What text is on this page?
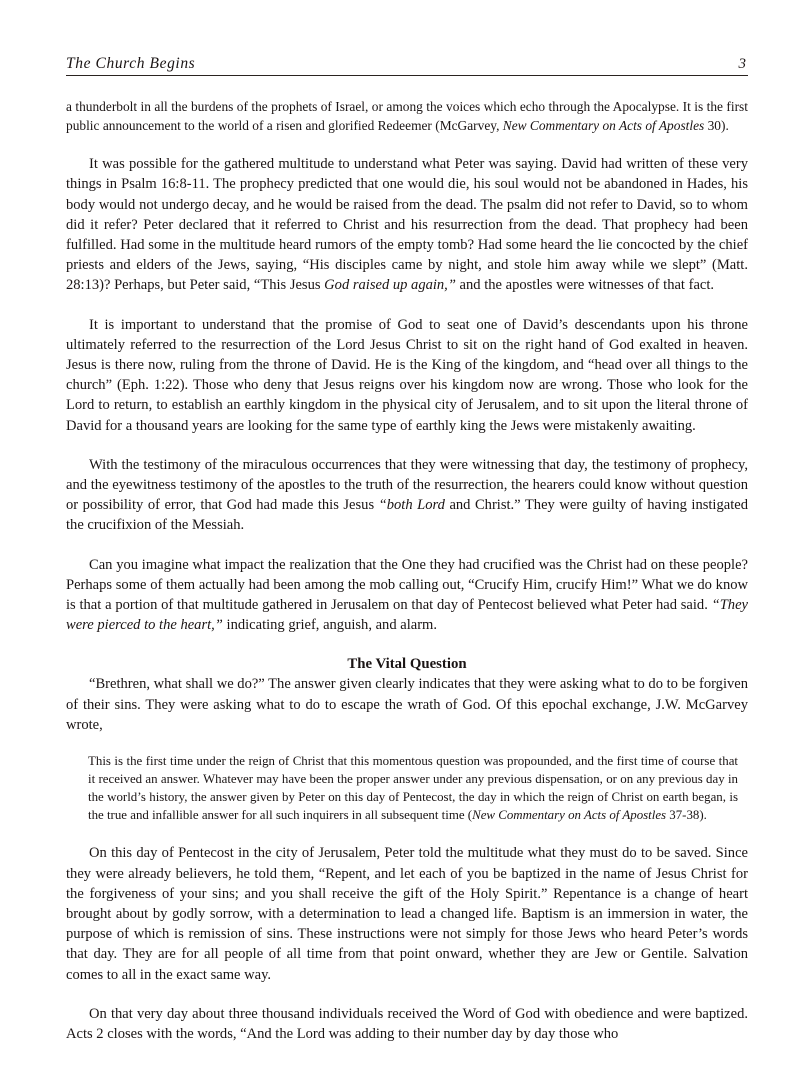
The Church Begins	3

a thunderbolt in all the burdens of the prophets of Israel, or among the voices which echo through the Apocalypse. It is the first public announcement to the world of a risen and glorified Redeemer (McGarvey, New Commentary on Acts of Apostles 30).

It was possible for the gathered multitude to understand what Peter was saying. David had written of these very things in Psalm 16:8-11. The prophecy predicted that one would die, his soul would not be abandoned in Hades, his body would not undergo decay, and he would be raised from the dead. The psalm did not refer to David, so to whom did it refer? Peter declared that it referred to Christ and his resurrection from the dead. That prophecy had been fulfilled. Had some in the multitude heard rumors of the empty tomb? Had some heard the lie concocted by the chief priests and elders of the Jews, saying, “His disciples came by night, and stole him away while we slept” (Matt. 28:13)? Perhaps, but Peter said, “This Jesus God raised up again,” and the apostles were witnesses of that fact.

It is important to understand that the promise of God to seat one of David’s descendants upon his throne ultimately referred to the resurrection of the Lord Jesus Christ to sit on the right hand of God exalted in heaven. Jesus is there now, ruling from the throne of David. He is the King of the kingdom, and “head over all things to the church” (Eph. 1:22). Those who deny that Jesus reigns over his kingdom now are wrong. Those who look for the Lord to return, to establish an earthly kingdom in the physical city of Jerusalem, and to sit upon the literal throne of David for a thousand years are looking for the same type of earthly king the Jews were mistakenly awaiting.

With the testimony of the miraculous occurrences that they were witnessing that day, the testimony of prophecy, and the eyewitness testimony of the apostles to the truth of the resurrection, the hearers could know without question or possibility of error, that God had made this Jesus “both Lord and Christ.” They were guilty of having instigated the crucifixion of the Messiah.

Can you imagine what impact the realization that the One they had crucified was the Christ had on these people? Perhaps some of them actually had been among the mob calling out, “Crucify Him, crucify Him!” What we do know is that a portion of that multitude gathered in Jerusalem on that day of Pentecost believed what Peter had said. “They were pierced to the heart,” indicating grief, anguish, and alarm.

The Vital Question

“Brethren, what shall we do?” The answer given clearly indicates that they were asking what to do to be forgiven of their sins. They were asking what to do to escape the wrath of God. Of this epochal exchange, J.W. McGarvey wrote,

This is the first time under the reign of Christ that this momentous question was propounded, and the first time of course that it received an answer. Whatever may have been the proper answer under any previous dispensation, or on any previous day in the world’s history, the answer given by Peter on this day of Pentecost, the day in which the reign of Christ on earth began, is the true and infallible answer for all such inquirers in all subsequent time (New Commentary on Acts of Apostles 37-38).

On this day of Pentecost in the city of Jerusalem, Peter told the multitude what they must do to be saved. Since they were already believers, he told them, “Repent, and let each of you be baptized in the name of Jesus Christ for the forgiveness of your sins; and you shall receive the gift of the Holy Spirit.” Repentance is a change of heart brought about by godly sorrow, with a determination to lead a changed life. Baptism is an immersion in water, the purpose of which is remission of sins. These instructions were not simply for those Jews who heard Peter’s words that day. They are for all people of all time from that point onward, whether they are Jew or Gentile. Salvation comes to all in the exact same way.

On that very day about three thousand individuals received the Word of God with obedience and were baptized. Acts 2 closes with the words, “And the Lord was adding to their number day by day those who
